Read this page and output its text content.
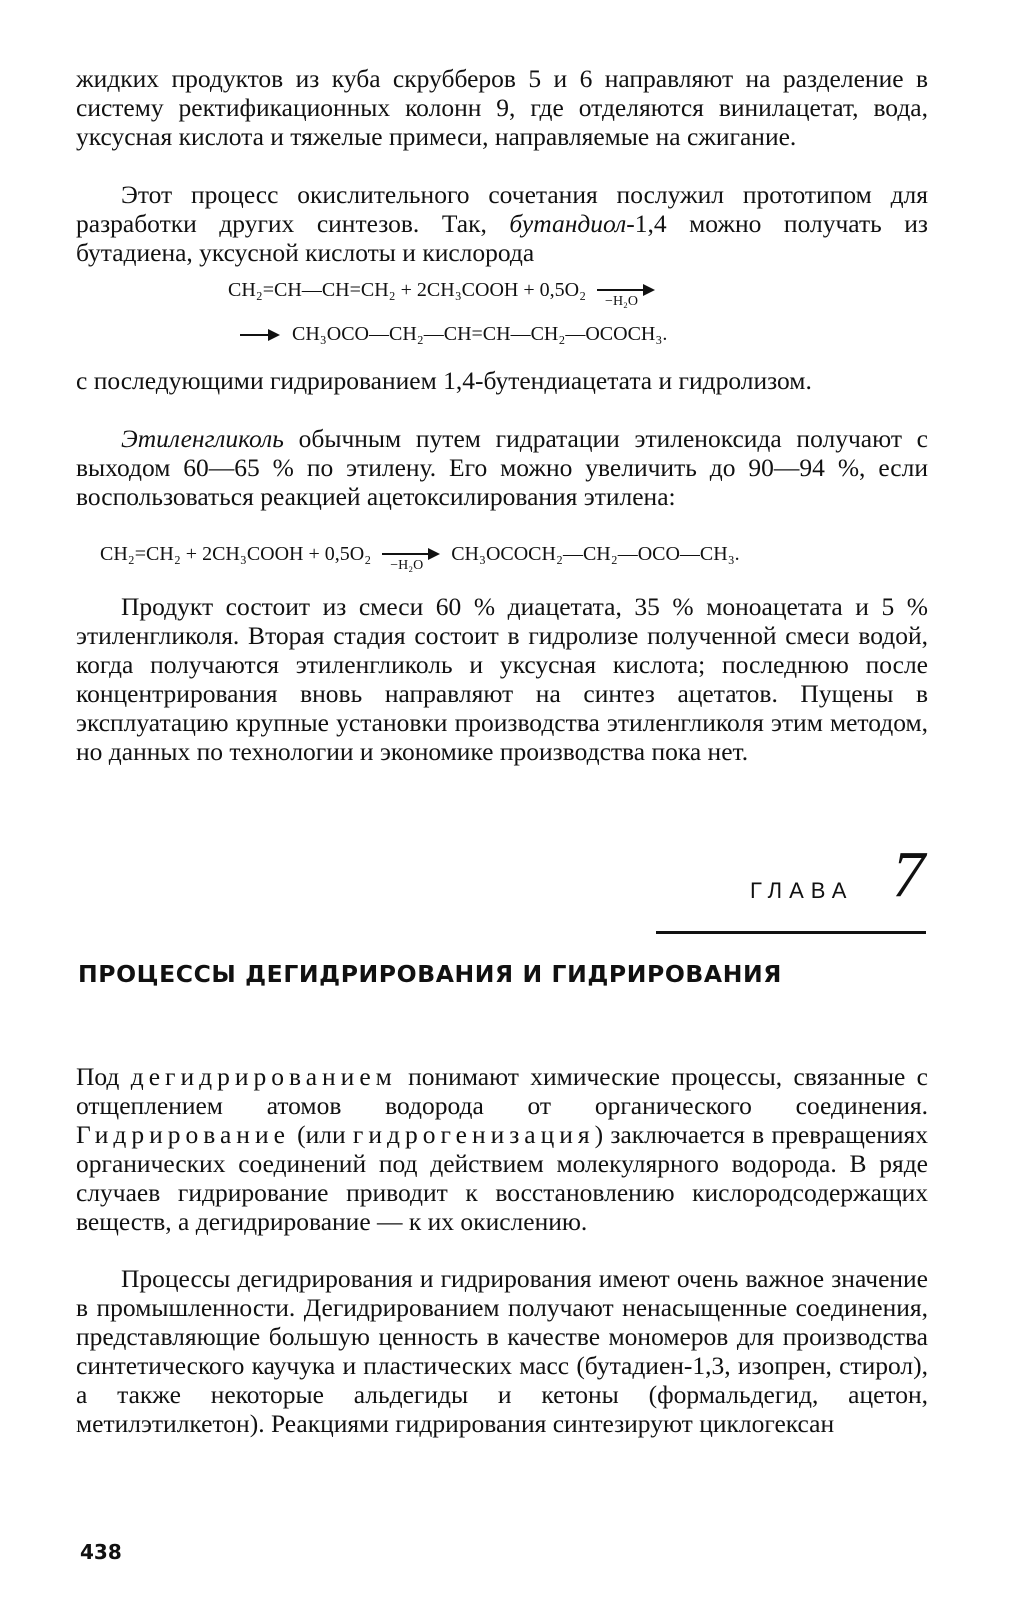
жидких продуктов из куба скрубберов 5 и 6 направляют на разделение в систему ректификационных колонн 9, где отделяются винилацетат, вода, уксусная кислота и тяжелые примеси, направляемые на сжигание.
Этот процесс окислительного сочетания послужил прототипом для разработки других синтезов. Так, бутандиол-1,4 можно получать из бутадиена, уксусной кислоты и кислорода
CH₂=CH—CH=CH₂ + 2CH₃COOH + 0,5O₂
−H₂O
CH₃OCO—CH₂—CH=CH—CH₂—OCOCH₃.
с последующими гидрированием 1,4-бутендиацетата и гидролизом.
Этиленгликоль обычным путем гидратации этиленоксида получают с выходом 60—65 % по этилену. Его можно увеличить до 90—94 %, если воспользоваться реакцией ацетоксилирования этилена:
CH₂=CH₂ + 2CH₃COOH + 0,5O₂
−H₂O
CH₃OCOCH₂—CH₂—OCO—CH₃.
Продукт состоит из смеси 60 % диацетата, 35 % моноацетата и 5 % этиленгликоля. Вторая стадия состоит в гидролизе полученной смеси водой, когда получаются этиленгликоль и уксусная кислота; последнюю после концентрирования вновь направляют на синтез ацетатов. Пущены в эксплуатацию крупные установки производства этиленгликоля этим методом, но данных по технологии и экономике производства пока нет.
ГЛАВА 7
ПРОЦЕССЫ ДЕГИДРИРОВАНИЯ И ГИДРИРОВАНИЯ
Под дегидрированием понимают химические процессы, связанные с отщеплением атомов водорода от органического соединения. Гидрирование (или гидрогенизация) заключается в превращениях органических соединений под действием молекулярного водорода. В ряде случаев гидрирование приводит к восстановлению кислородсодержащих веществ, а дегидрирование — к их окислению.
Процессы дегидрирования и гидрирования имеют очень важное значение в промышленности. Дегидрированием получают ненасыщенные соединения, представляющие большую ценность в качестве мономеров для производства синтетического каучука и пластических масс (бутадиен-1,3, изопрен, стирол), а также некоторые альдегиды и кетоны (формальдегид, ацетон, метилэтилкетон). Реакциями гидрирования синтезируют циклогексан
438
